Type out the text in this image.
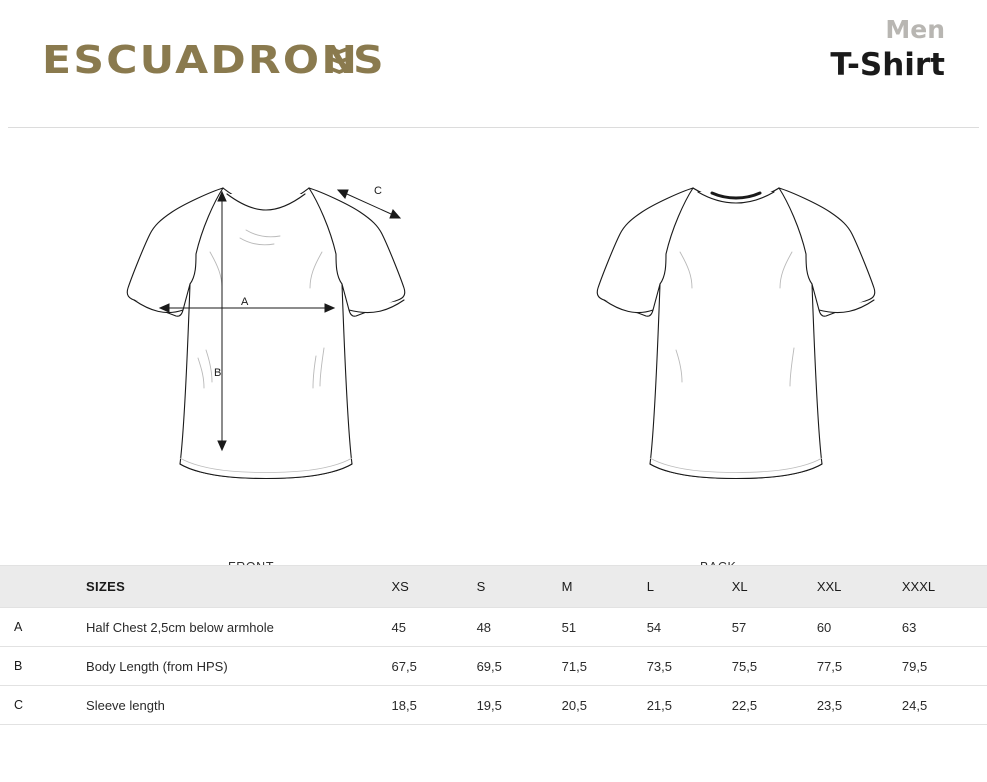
ESCUADRON
S
Men
T-Shirt
A
B
C
FRONT	BACK

	SIZES	XS	S	M	L	XL	XXL	XXXL
A	Half Chest 2,5cm below armhole	45	48	51	54	57	60	63
B	Body Length (from HPS)	67,5	69,5	71,5	73,5	75,5	77,5	79,5
C	Sleeve length	18,5	19,5	20,5	21,5	22,5	23,5	24,5
